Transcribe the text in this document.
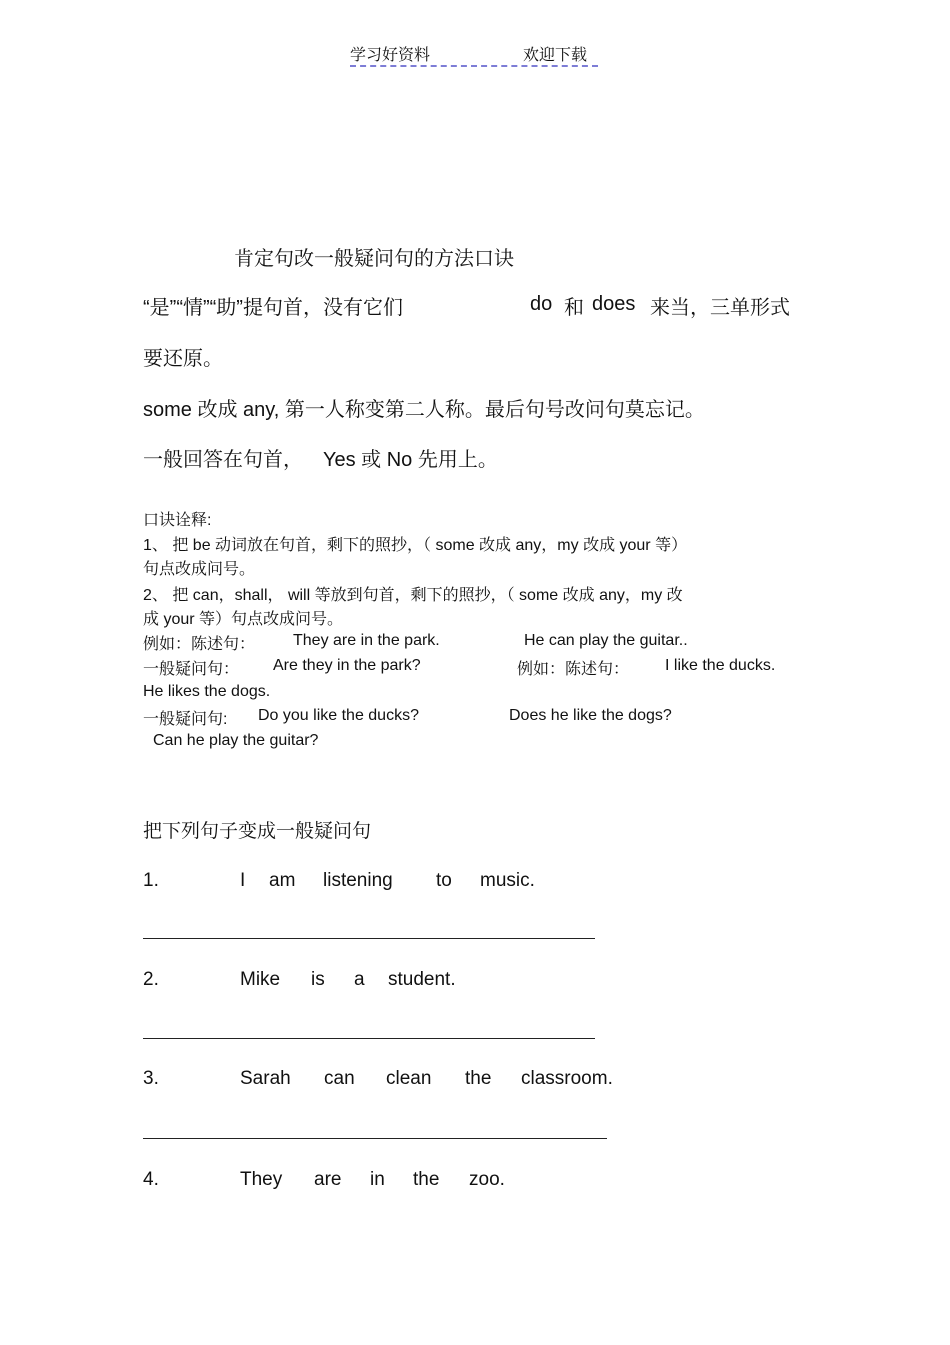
学习好资料	欢迎下载
肯定句改一般疑问句的方法口诀
“是”“情”“助”提句首，没有它们	do 和 does 来当，三单形式
要还原。
some 改成 any, 第一人称变第二人称。最后句号改问句莫忘记。
一般回答在句首， Yes 或 No 先用上。
口诀诠释:
1、 把 be 动词放在句首，剩下的照抄，（ some 改成 any，my 改成 your 等）
句点改成问号。
2、 把 can，shall， will 等放到句首，剩下的照抄，（ some 改成 any，my 改
成 your 等）句点改成问号。
例如：陈述句： They are in the park.	He can play the guitar..
一般疑问句： Are they in the park?	例如：陈述句： I like the ducks.
He likes the dogs.
一般疑问句: Do you like the ducks?	Does he like the dogs?
Can he play the guitar?
把下列句子变成一般疑问句
1.	I am listening to music.
2.	Mike is a student.
3.	Sarah can clean the classroom.
4.	They are in the zoo.
